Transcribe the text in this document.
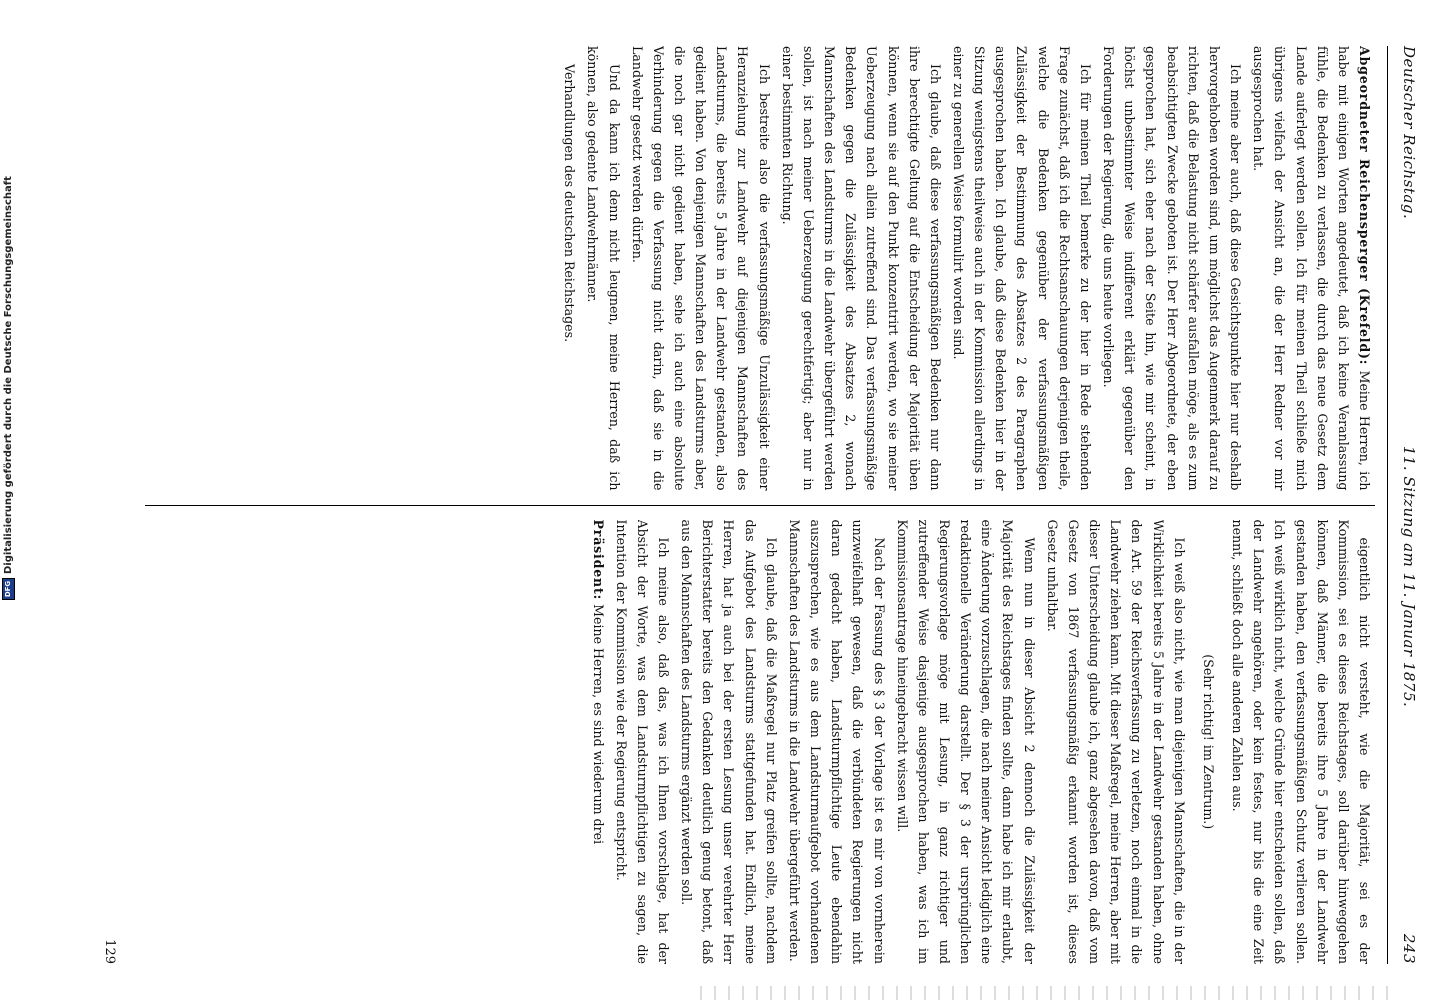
Deutscher Reichstag.
11. Sitzung am 11. Januar 1875.
243

Abgeordneter Reichensperger (Krefeld): Meine Herren, ich habe mit einigen Worten angedeutet, daß ich keine Veranlassung fühle, die Bedenken zu verlassen, die durch das neue Gesetz dem Lande auferlegt werden sollen. Ich für meinen Theil schließe mich übrigens vielfach der Ansicht an, die der Herr Redner vor mir ausgesprochen hat.

Ich meine aber auch, daß diese Gesichtspunkte hier nur deshalb hervorgehoben worden sind, um möglichst das Augenmerk darauf zu richten, daß die Belastung nicht schärfer ausfallen möge, als es zum beabsichtigten Zwecke geboten ist. Der Herr Abgeordnete, der eben gesprochen hat, sich eher nach der Seite hin, wie mir scheint, in höchst unbestimmter Weise indifferent erklärt gegenüber den Forderungen der Regierung, die uns heute vorliegen.

Ich für meinen Theil bemerke zu der hier in Rede stehenden Frage zunächst, daß ich die Rechtsanschauungen derjenigen theile, welche die Bedenken gegenüber der verfassungsmäßigen Zulässigkeit der Bestimmung des Absatzes 2 des Paragraphen ausgesprochen haben. Ich glaube, daß diese Bedenken hier in der Sitzung wenigstens theilweise auch in der Kommission allerdings in einer zu generellen Weise formulirt worden sind.

Ich glaube, daß diese verfassungsmäßigen Bedenken nur dann ihre berechtigte Geltung auf die Entscheidung der Majorität üben können, wenn sie auf den Punkt konzentrirt werden, wo sie meiner Ueberzeugung nach allein zutreffend sind. Das verfassungsmäßige Bedenken gegen die Zulässigkeit des Absatzes 2, wonach Mannschaften des Landsturms in die Landwehr übergeführt werden sollen, ist nach meiner Ueberzeugung gerechtfertigt; aber nur in einer bestimmten Richtung.

Ich bestreite also die verfassungsmäßige Unzulässigkeit einer Heranziehung zur Landwehr auf diejenigen Mannschaften des Landsturms, die bereits 5 Jahre in der Landwehr gestanden, also gedient haben. Von denjenigen Mannschaften des Landsturms aber, die noch gar nicht gedient haben, sehe ich auch eine absolute Verhinderung gegen die Verfassung nicht darin, daß sie in die Landwehr gesetzt werden dürfen.

Und da kann ich denn nicht leugnen, meine Herren, daß ich können, also gedente Landwehrmänner.

Verhandlungen des deutschen Reichstages.

eigentlich nicht versteht, wie die Majorität, sei es der Kommission, sei es dieses Reichstages, soll darüber hinweggehen können, daß Männer, die bereits ihre 5 Jahre in der Landwehr gestanden haben, den verfassungsmäßigen Schutz verlieren sollen. Ich weiß wirklich nicht, welche Gründe hier entscheiden sollen, daß der Landwehr angehören, oder kein festes, nur bis die eine Zeit nennt, schließt doch alle anderen Zahlen aus.

(Sehr richtig! im Zentrum.)

Ich weiß also nicht, wie man diejenigen Mannschaften, die in der Wirklichkeit bereits 5 Jahre in der Landwehr gestanden haben, ohne den Art. 59 der Reichsverfassung zu verletzen, noch einmal in die Landwehr ziehen kann. Mit dieser Maßregel, meine Herren, aber mit dieser Unterscheidung glaube ich, ganz abgesehen davon, daß vom Gesetz von 1867 verfassungsmäßig erkannt worden ist, dieses Gesetz unhaltbar.

Wenn nun in dieser Absicht 2 dennoch die Zulässigkeit der Majorität des Reichstages finden sollte, dann habe ich mir erlaubt, eine Änderung vorzuschlagen, die nach meiner Ansicht lediglich eine redaktionelle Veränderung darstellt. Der § 3 der ursprünglichen Regierungsvorlage möge mit Lesung, in ganz richtiger und zutreffender Weise dasjenige ausgesprochen haben, was ich im Kommissionsantrage hineingebracht wissen will.

Nach der Fassung des § 3 der Vorlage ist es mir von vornherein unzweifelhaft gewesen, daß die verbündeten Regierungen nicht daran gedacht haben, Landsturmpflichtige Leute ebendahin auszusprechen, wie es aus dem Landsturmaufgebot vorhandenen Mannschaften des Landsturms in die Landwehr übergeführt werden.

Ich glaube, daß die Maßregel nur Platz greifen sollte, nachdem das Aufgebot des Landsturms stattgefunden hat. Endlich, meine Herren, hat ja auch bei der ersten Lesung unser verehrter Herr Berichterstatter bereits den Gedanken deutlich genug betont, daß aus den Mannschaften des Landsturms ergänzt werden soll.

Ich meine also, daß das, was ich Ihnen vorschlage, hat der Absicht der Worte, was dem Landsturmpflichtigen zu sagen, die Intention der Kommission wie der Regierung entspricht.

Präsident: Meine Herren, es sind wiederum drei

129
DFG
Digitalisierung gefördert durch die Deutsche Forschungsgemeinschaft
